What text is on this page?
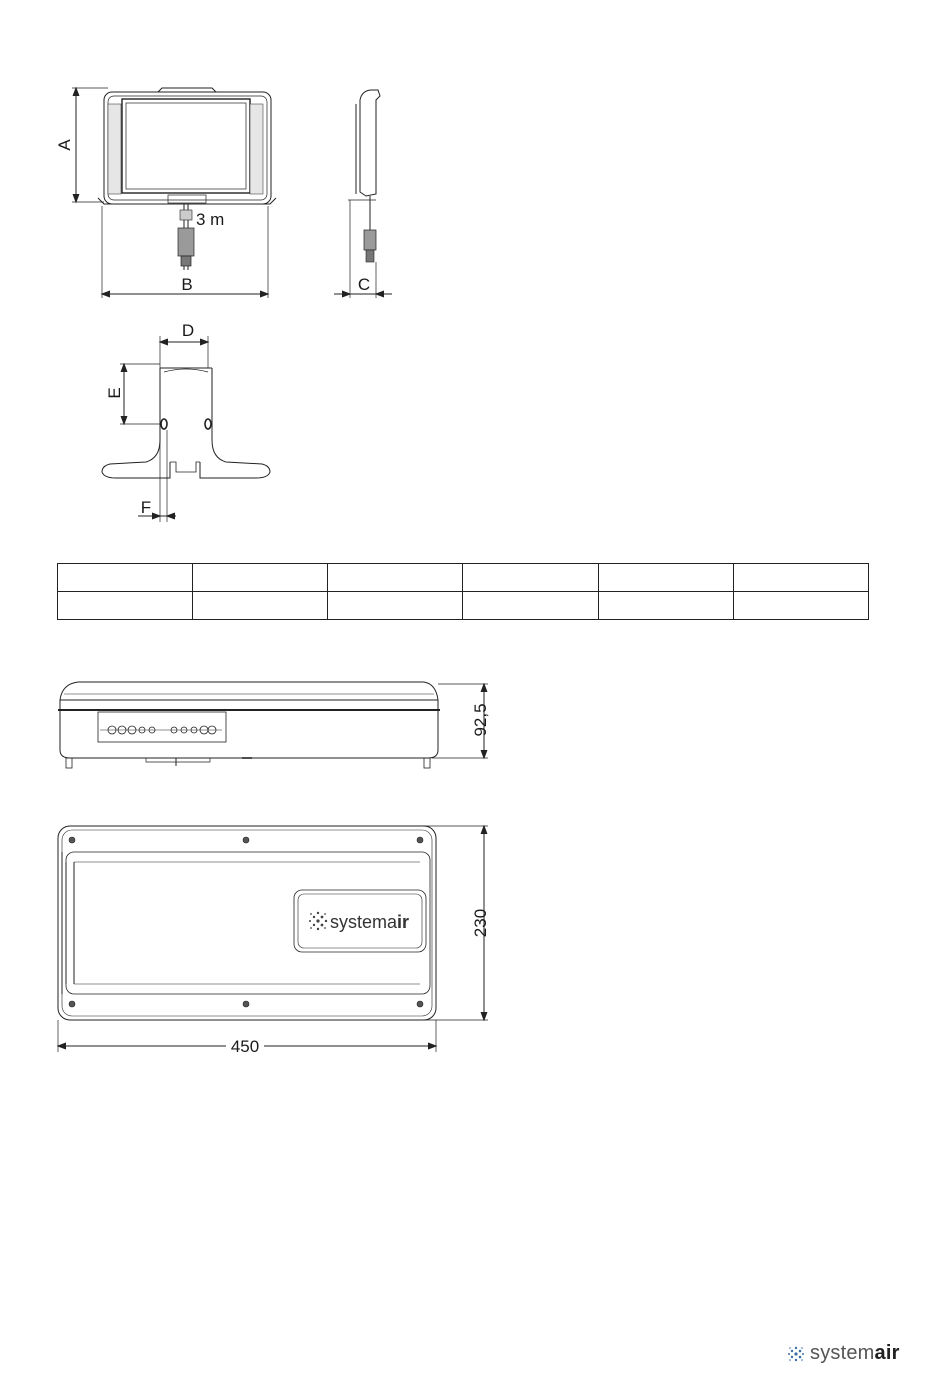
systemair
A
B	C
3 m
D
E
F
92,5
230
450

systemair
